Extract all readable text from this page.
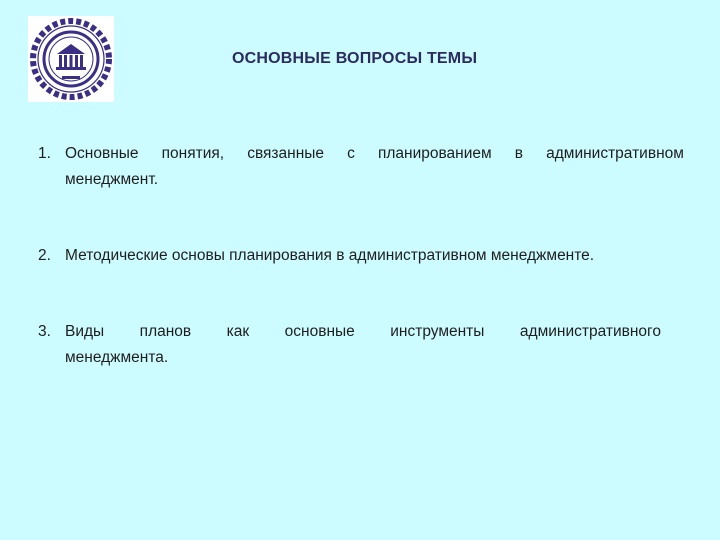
ОСНОВНЫЕ ВОПРОСЫ ТЕМЫ
1. Основные понятия, связанные с планированием в административном
менеджмент.
2. Методические основы планирования в административном менеджменте.
3. Виды планов как основные инструменты административного
менеджмента.
